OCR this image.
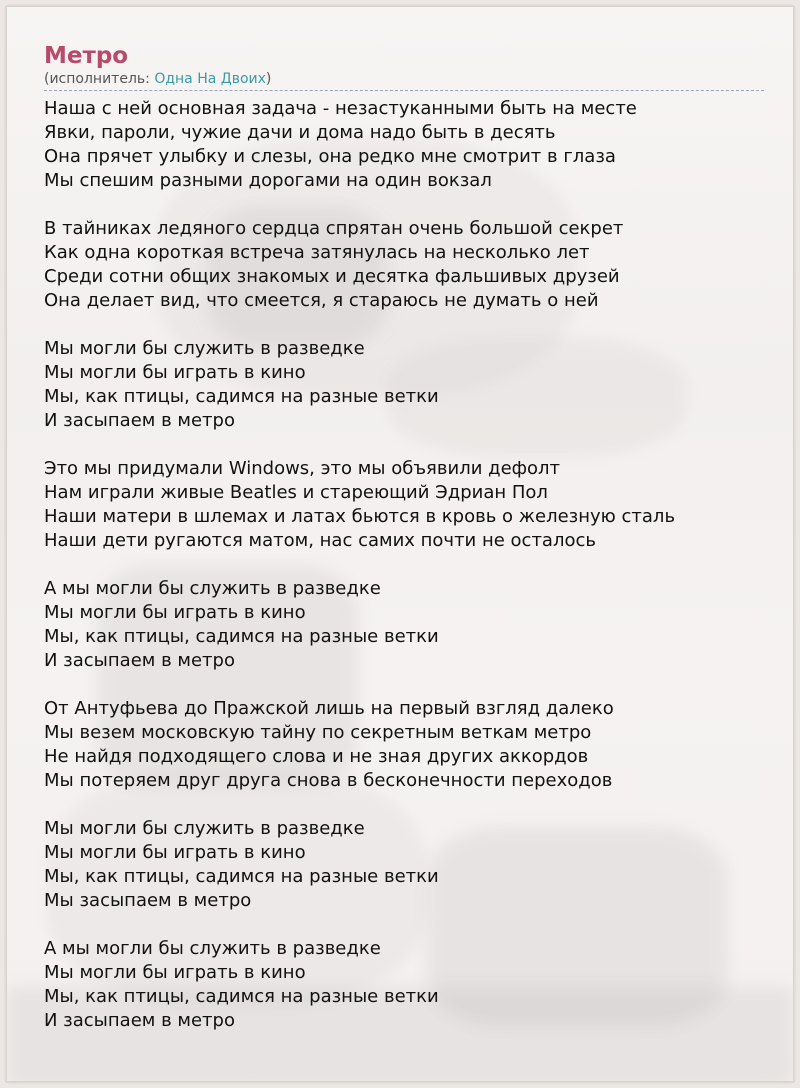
Метро
(исполнитель: Одна На Двоих)
Наша с ней основная задача - незастуканными быть на месте
Явки, пароли, чужие дачи и дома надо быть в десять
Она прячет улыбку и слезы, она редко мне смотрит в глаза
Мы спешим разными дорогами на один вокзал
В тайниках ледяного сердца спрятан очень большой секрет
Как одна короткая встреча затянулась на несколько лет
Среди сотни общих знакомых и десятка фальшивых друзей
Она делает вид, что смеется, я стараюсь не думать о ней
Мы могли бы служить в разведке
Мы могли бы играть в кино
Мы, как птицы, садимся на разные ветки
И засыпаем в метро
Это мы придумали Windows, это мы объявили дефолт
Нам играли живые Beatles и стареющий Эдриан Пол
Наши матери в шлемах и латах бьются в кровь о железную сталь
Наши дети ругаются матом, нас самих почти не осталось
А мы могли бы служить в разведке
Мы могли бы играть в кино
Мы, как птицы, садимся на разные ветки
И засыпаем в метро
От Антуфьева до Пражской лишь на первый взгляд далеко
Мы везем московскую тайну по секретным веткам метро
Не найдя подходящего слова и не зная других аккордов
Мы потеряем друг друга снова в бесконечности переходов
Мы могли бы служить в разведке
Мы могли бы играть в кино
Мы, как птицы, садимся на разные ветки
Мы засыпаем в метро
А мы могли бы служить в разведке
Мы могли бы играть в кино
Мы, как птицы, садимся на разные ветки
И засыпаем в метро
